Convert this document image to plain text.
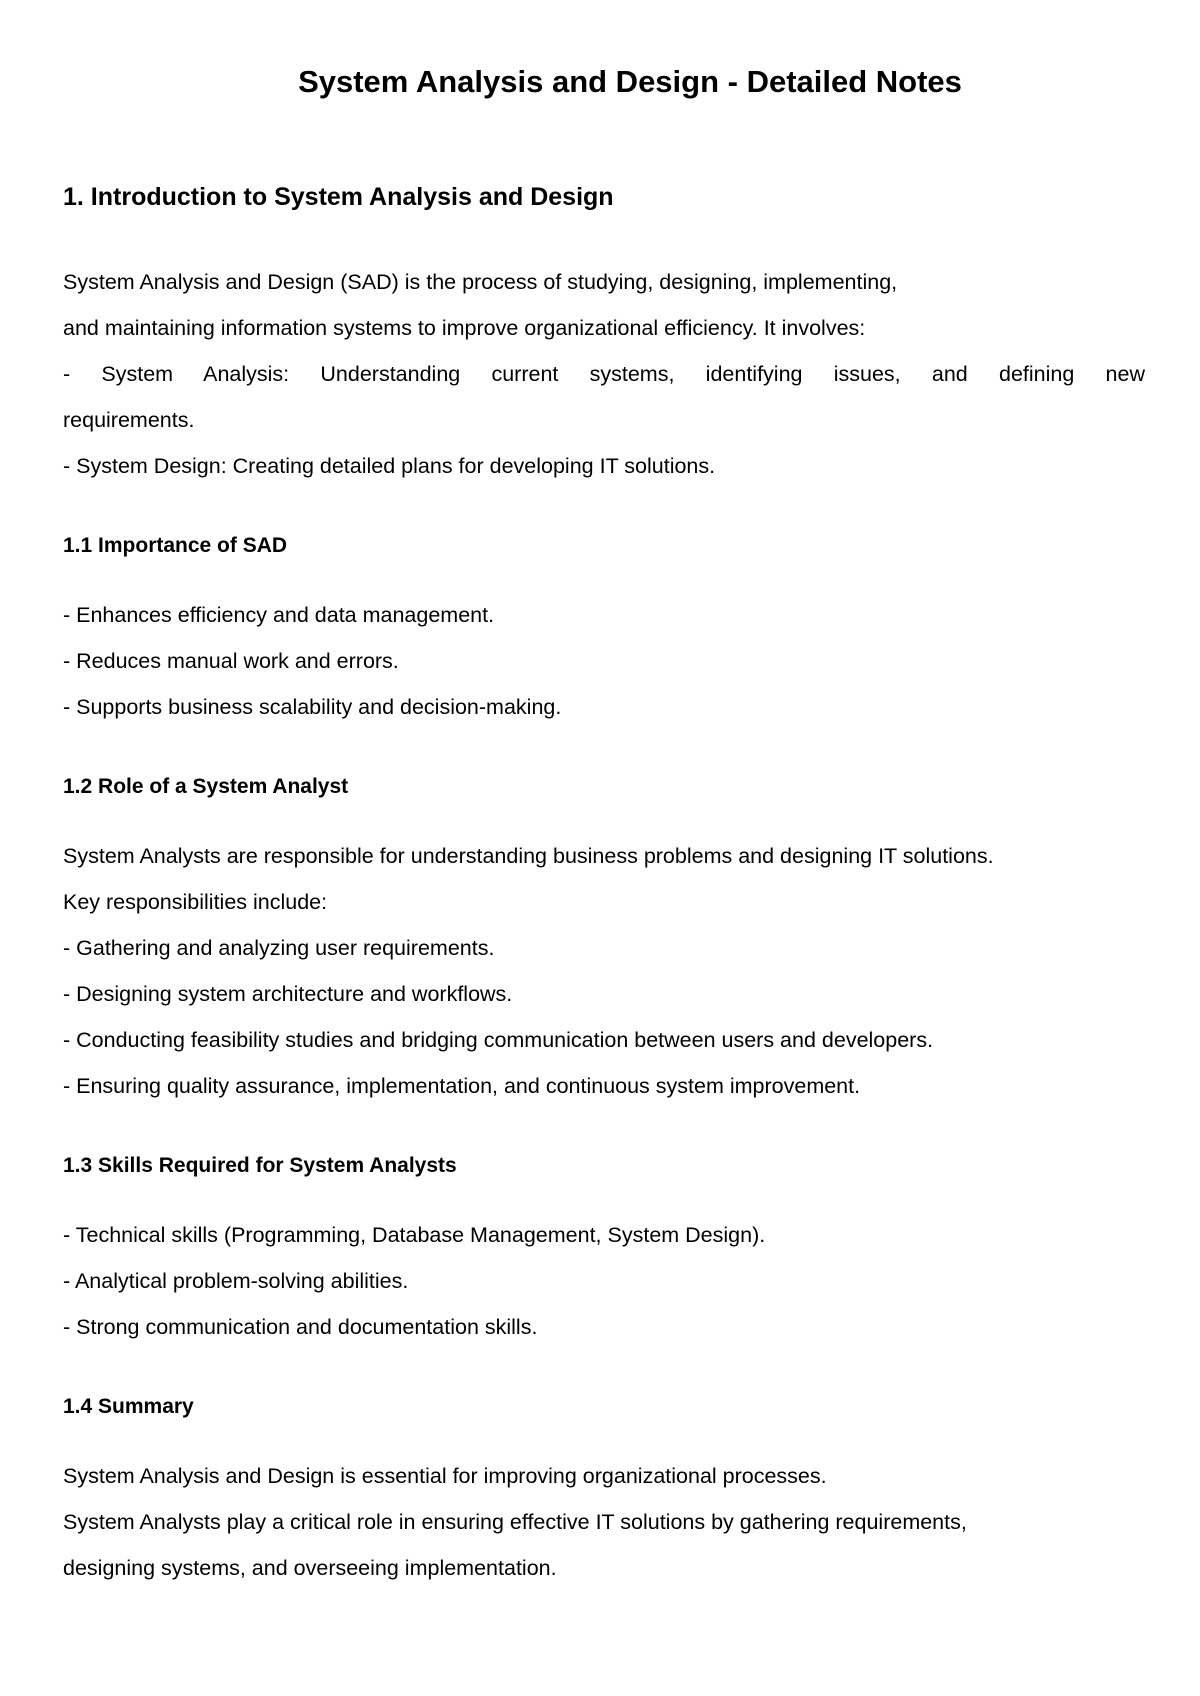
System Analysis and Design - Detailed Notes
1. Introduction to System Analysis and Design

System Analysis and Design (SAD) is the process of studying, designing, implementing,

and maintaining information systems to improve organizational efficiency. It involves:

- System Analysis: Understanding current systems, identifying issues, and defining new

requirements.

- System Design: Creating detailed plans for developing IT solutions.

1.1 Importance of SAD

- Enhances efficiency and data management.

- Reduces manual work and errors.

- Supports business scalability and decision-making.

1.2 Role of a System Analyst

System Analysts are responsible for understanding business problems and designing IT solutions.

Key responsibilities include:

- Gathering and analyzing user requirements.

- Designing system architecture and workflows.

- Conducting feasibility studies and bridging communication between users and developers.

- Ensuring quality assurance, implementation, and continuous system improvement.

1.3 Skills Required for System Analysts

- Technical skills (Programming, Database Management, System Design).

- Analytical problem-solving abilities.

- Strong communication and documentation skills.

1.4 Summary

System Analysis and Design is essential for improving organizational processes.

System Analysts play a critical role in ensuring effective IT solutions by gathering requirements,

designing systems, and overseeing implementation.
